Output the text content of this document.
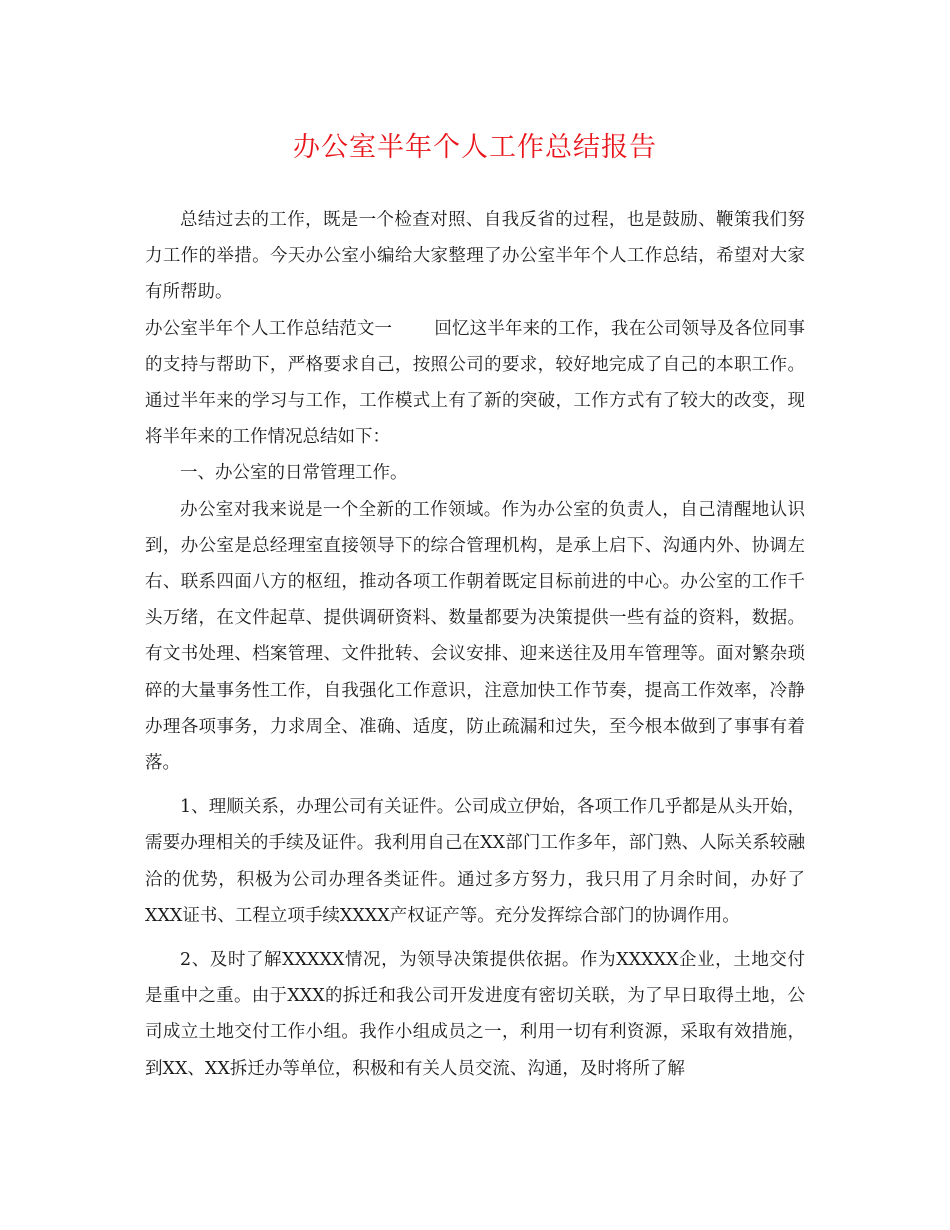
办公室半年个人工作总结报告

总结过去的工作，既是一个检查对照、自我反省的过程，也是鼓励、鞭策我们努力工作的举措。今天办公室小编给大家整理了办公室半年个人工作总结，希望对大家有所帮助。

办公室半年个人工作总结范文一 回忆这半年来的工作，我在公司领导及各位同事的支持与帮助下，严格要求自己，按照公司的要求，较好地完成了自己的本职工作。通过半年来的学习与工作，工作模式上有了新的突破，工作方式有了较大的改变，现将半年来的工作情况总结如下：

一、办公室的日常管理工作。

办公室对我来说是一个全新的工作领域。作为办公室的负责人，自己清醒地认识到，办公室是总经理室直接领导下的综合管理机构，是承上启下、沟通内外、协调左右、联系四面八方的枢纽，推动各项工作朝着既定目标前进的中心。办公室的工作千头万绪，在文件起草、提供调研资料、数量都要为决策提供一些有益的资料，数据。有文书处理、档案管理、文件批转、会议安排、迎来送往及用车管理等。面对繁杂琐碎的大量事务性工作，自我强化工作意识，注意加快工作节奏，提高工作效率，冷静办理各项事务，力求周全、准确、适度，防止疏漏和过失，至今根本做到了事事有着落。

1、理顺关系，办理公司有关证件。公司成立伊始，各项工作几乎都是从头开始，需要办理相关的手续及证件。我利用自己在XX部门工作多年，部门熟、人际关系较融洽的优势，积极为公司办理各类证件。通过多方努力，我只用了月余时间，办好了XXX证书、工程立项手续XXXX产权证产等。充分发挥综合部门的协调作用。

2、及时了解XXXXX情况，为领导决策提供依据。作为XXXXX企业，土地交付是重中之重。由于XXX的拆迁和我公司开发进度有密切关联，为了早日取得土地，公司成立土地交付工作小组。我作小组成员之一，利用一切有利资源，采取有效措施，到XX、XX拆迁办等单位，积极和有关人员交流、沟通，及时将所了解
